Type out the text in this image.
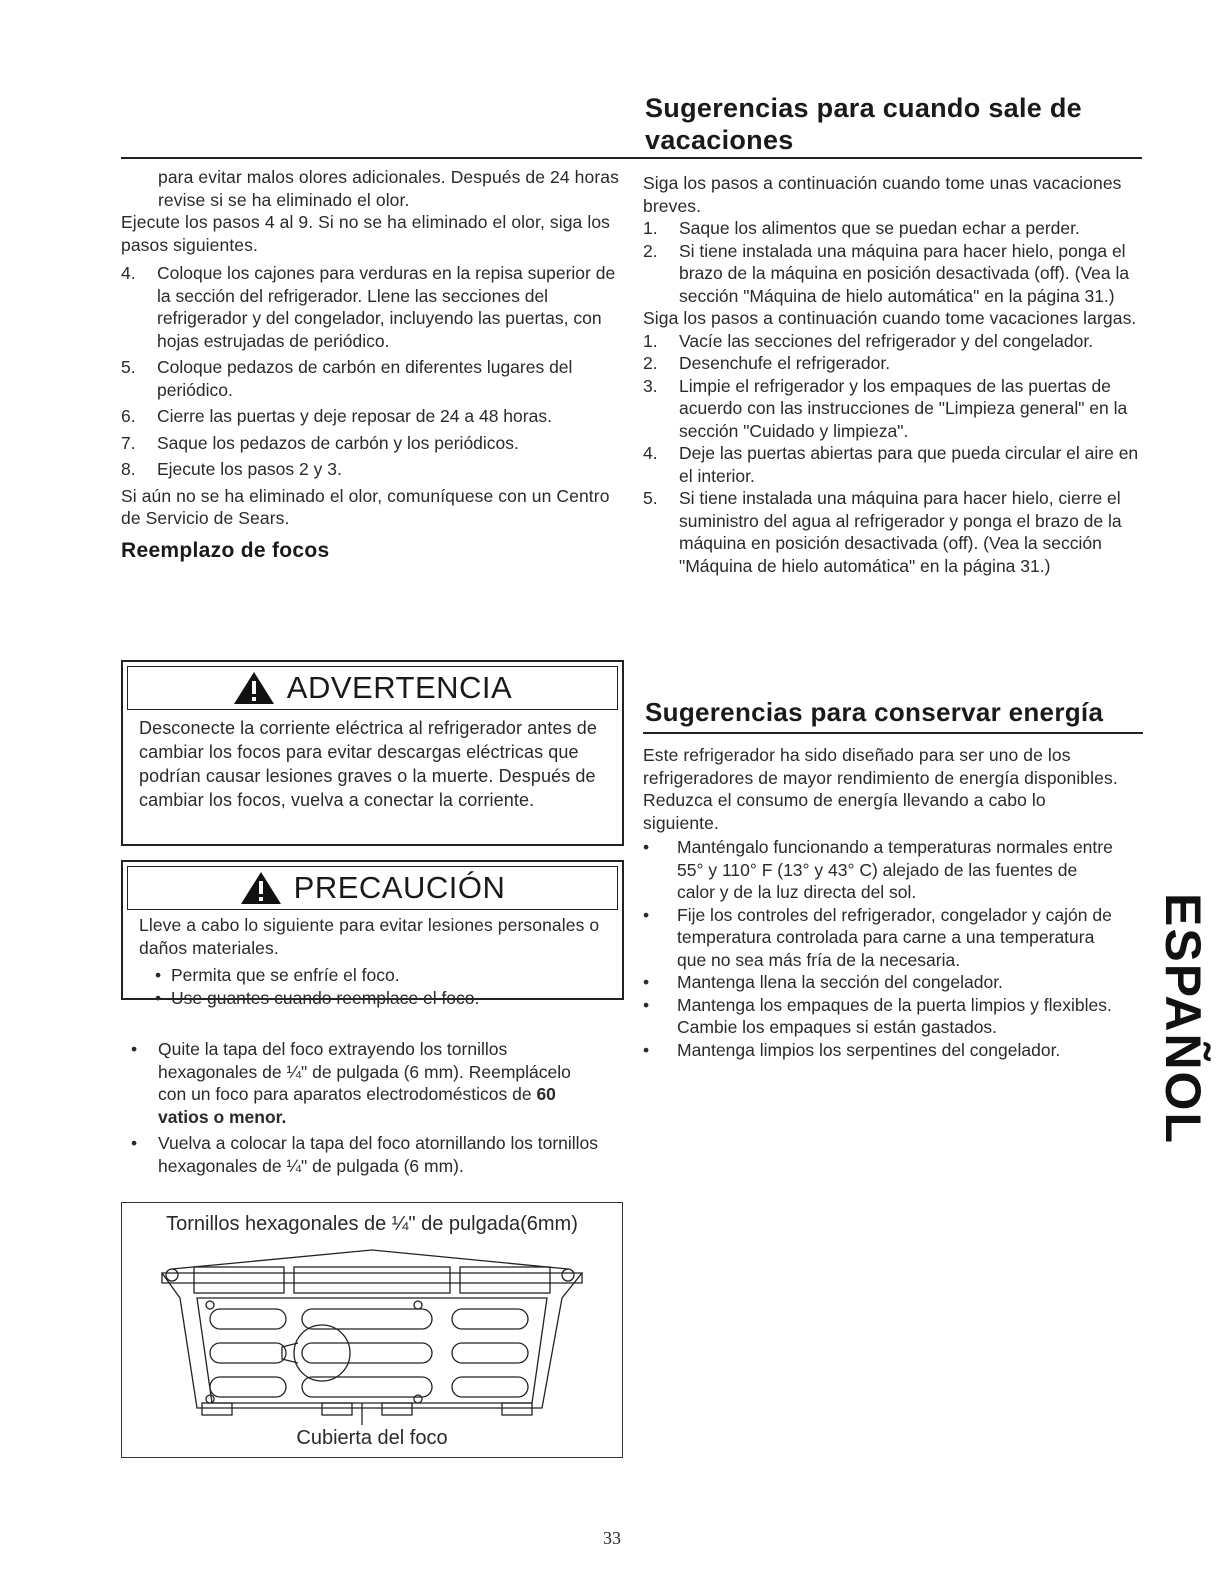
Sugerencias para cuando sale de vacaciones

para evitar malos olores adicionales. Después de 24 horas revise si se ha eliminado el olor.

Ejecute los pasos 4 al 9. Si no se ha eliminado el olor, siga los pasos siguientes.

4.	Coloque los cajones para verduras en la repisa superior de la sección del refrigerador. Llene las secciones del refrigerador y del congelador, incluyendo las puertas, con hojas estrujadas de periódico.
5.	Coloque pedazos de carbón en diferentes lugares del periódico.
6.	Cierre las puertas y deje reposar de 24 a 48 horas.
7.	Saque los pedazos de carbón y los periódicos.
8.	Ejecute los pasos 2 y 3.

Si aún no se ha eliminado el olor, comuníquese con un Centro de Servicio de Sears.

Reemplazo de focos
ADVERTENCIA

Desconecte la corriente eléctrica al refrigerador antes de cambiar los focos para evitar descargas eléctricas que podrían causar lesiones graves o la muerte. Después de cambiar los focos, vuelva a conectar la corriente.

PRECAUCIÓN

Lleve a cabo lo siguiente para evitar lesiones personales o daños materiales.

• Permita que se enfríe el foco.
• Use guantes cuando reemplace el foco.
•	Quite la tapa del foco extrayendo los tornillos hexagonales de ¼" de pulgada (6 mm). Reemplácelo con un foco para aparatos electrodomésticos de 60 vatios o menor.
•	Vuelva a colocar la tapa del foco atornillando los tornillos hexagonales de ¼" de pulgada (6 mm).
Tornillos hexagonales de ¼" de pulgada(6mm)
Cubierta del foco

Siga los pasos a continuación cuando tome unas vacaciones breves.

1.	Saque los alimentos que se puedan echar a perder.
2.	Si tiene instalada una máquina para hacer hielo, ponga el brazo de la máquina en posición desactivada (off). (Vea la sección "Máquina de hielo automática" en la página 31.)

Siga los pasos a continuación cuando tome vacaciones largas.

1.	Vacíe las secciones del refrigerador y del congelador.
2.	Desenchufe el refrigerador.
3.	Limpie el refrigerador y los empaques de las puertas de acuerdo con las instrucciones de "Limpieza general" en la sección "Cuidado y limpieza".
4.	Deje las puertas abiertas para que pueda circular el aire en el interior.
5.	Si tiene instalada una máquina para hacer hielo, cierre el suministro del agua al refrigerador y ponga el brazo de la máquina en posición desactivada (off). (Vea la sección "Máquina de hielo automática" en la página 31.)
Sugerencias para conservar energía

Este refrigerador ha sido diseñado para ser uno de los refrigeradores de mayor rendimiento de energía disponibles. Reduzca el consumo de energía llevando a cabo lo siguiente.

•	Manténgalo funcionando a temperaturas normales entre 55° y 110° F (13° y 43° C) alejado de las fuentes de calor y de la luz directa del sol.
•	Fije los controles del refrigerador, congelador y cajón de temperatura controlada para carne a una temperatura que no sea más fría de la necesaria.
•	Mantenga llena la sección del congelador.
•	Mantenga los empaques de la puerta limpios y flexibles. Cambie los empaques si están gastados.
•	Mantenga limpios los serpentines del congelador.	ESPAÑOL
33
